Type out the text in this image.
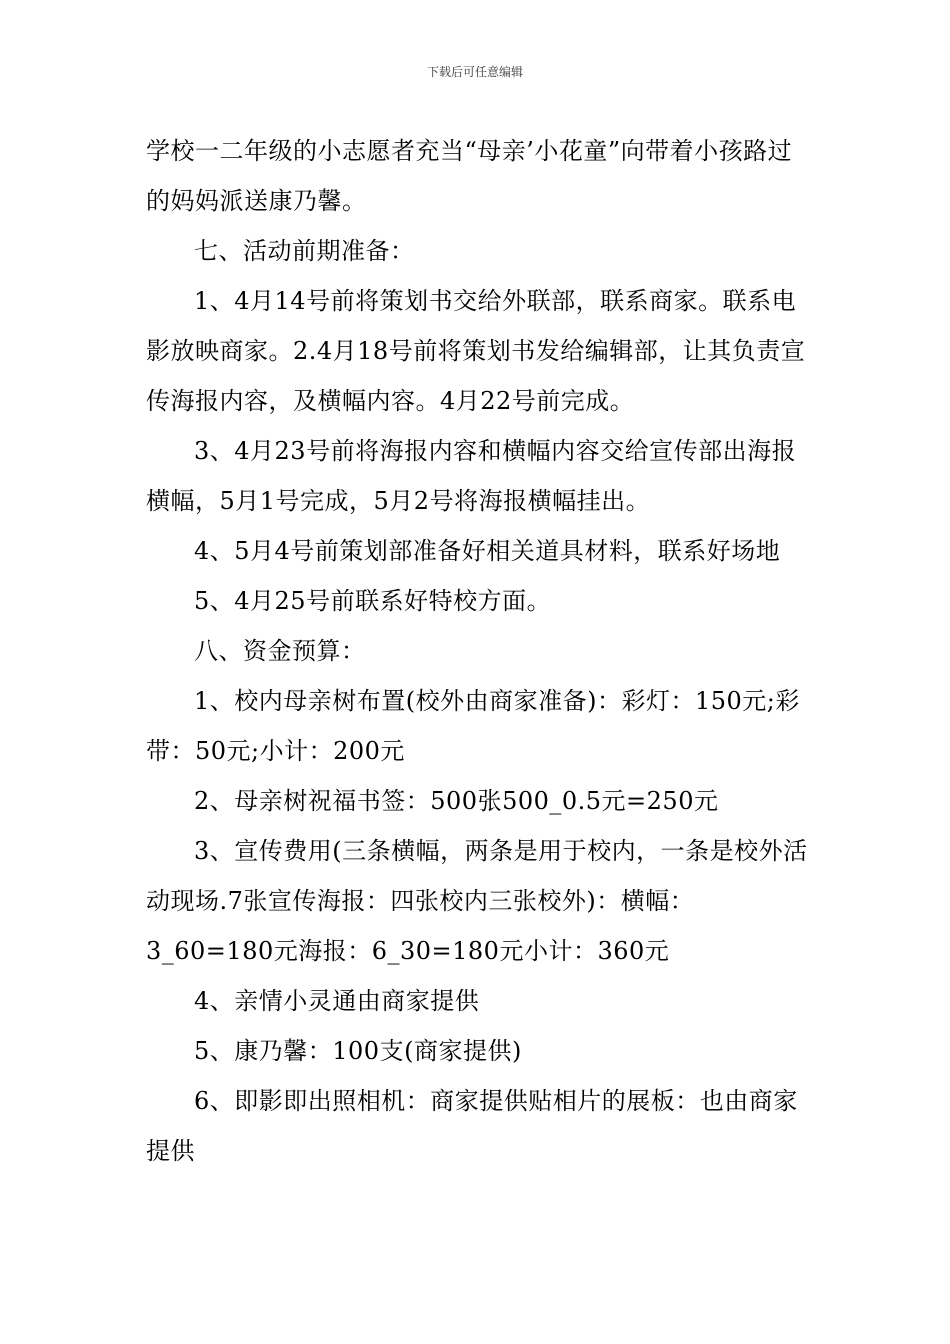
下载后可任意编辑

学校一二年级的小志愿者充当“母亲’小花童”向带着小孩路过的妈妈派送康乃馨。

七、活动前期准备：

1、4月14号前将策划书交给外联部，联系商家。联系电影放映商家。2.4月18号前将策划书发给编辑部，让其负责宣传海报内容，及横幅内容。4月22号前完成。

3、4月23号前将海报内容和横幅内容交给宣传部出海报横幅，5月1号完成，5月2号将海报横幅挂出。

4、5月4号前策划部准备好相关道具材料，联系好场地

5、4月25号前联系好特校方面。

八、资金预算：

1、校内母亲树布置(校外由商家准备)：彩灯：150元;彩带：50元;小计：200元

2、母亲树祝福书签：500张500_0.5元=250元

3、宣传费用(三条横幅，两条是用于校内，一条是校外活动现场.7张宣传海报：四张校内三张校外)：横幅：3_60=180元海报：6_30=180元小计：360元

4、亲情小灵通由商家提供

5、康乃馨：100支(商家提供)

6、即影即出照相机：商家提供贴相片的展板：也由商家提供
